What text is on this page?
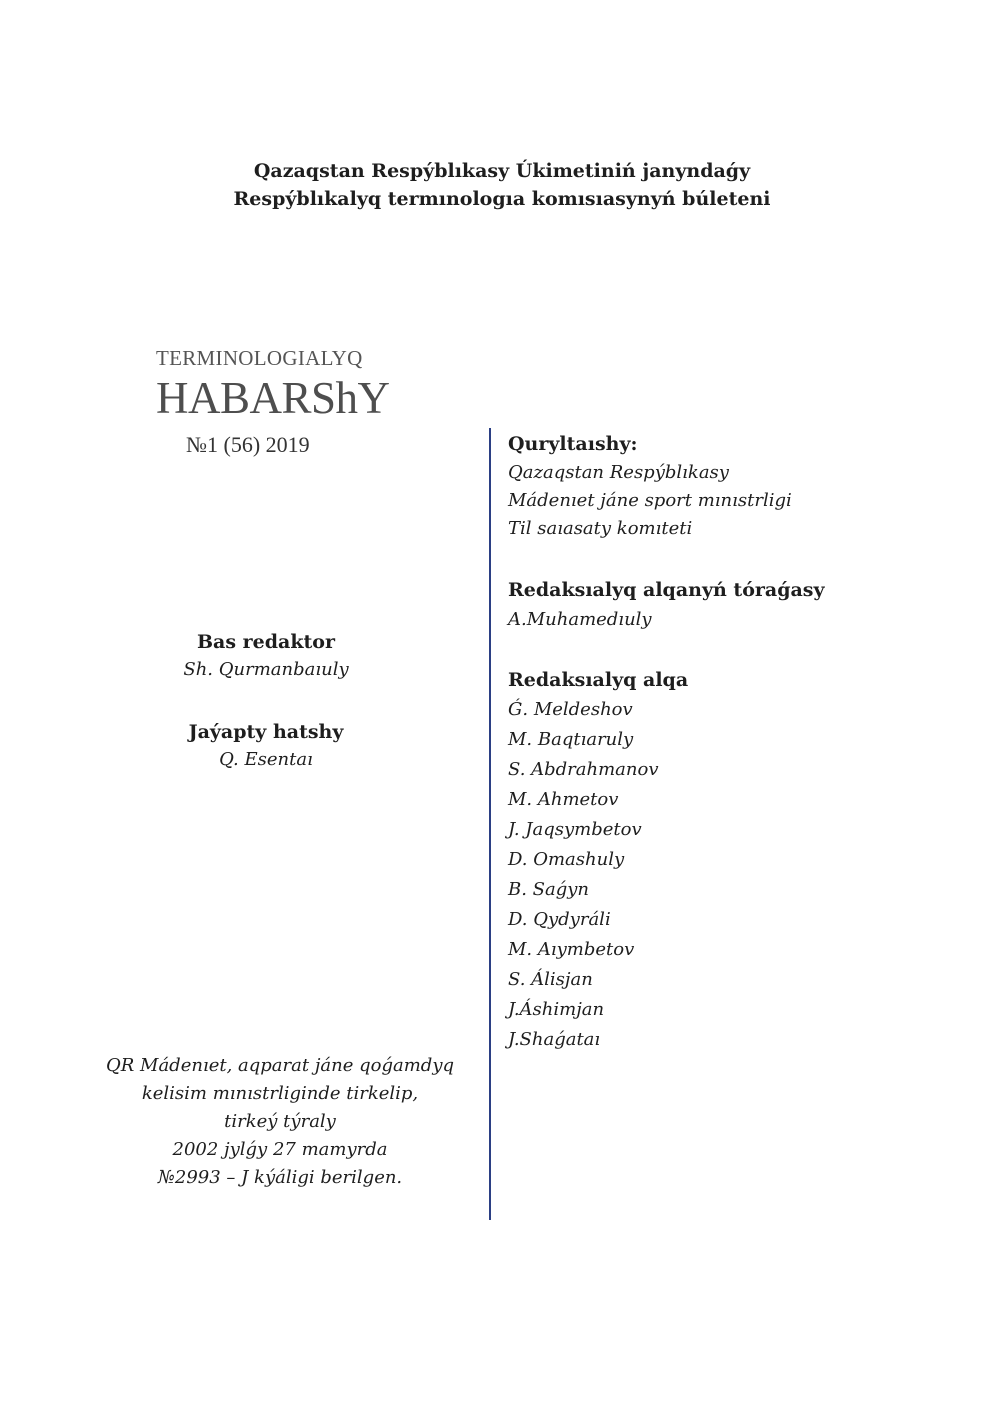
Qazaqstan Respýblıkasy Úkimetiniń janyndaǵy
Respýblıkalyq termınologıa komısıasynyń búleteni
TERMINOLOGIALYQ
HABARShY
№1 (56) 2019
Bas redaktor
Sh. Qurmanbaıuly
Jaýapty hatshy
Q. Esentaı
QR Mádenıet, aqparat jáne qoǵamdyq
kelisim mınıstrliginde tirkelip,
tirkeý týraly
2002 jylǵy 27 mamyrda
№2993 – J kýáligi berilgen.
Quryltaıshy:
Qazaqstan Respýblıkasy
Mádenıet jáne sport mınıstrligi
Til saıasaty komıteti
Redaksıalyq alqanyń tóraǵasy
A.Muhamedıuly
Redaksıalyq alqa
Ǵ. Meldeshov
M. Baqtıaruly
S. Abdrahmanov
M. Ahmetov
J. Jaqsymbetov
D. Omashuly
B. Saǵyn
D. Qydyráli
M. Aıymbetov
S. Álisjan
J.Áshimjan
J.Shaǵataı
